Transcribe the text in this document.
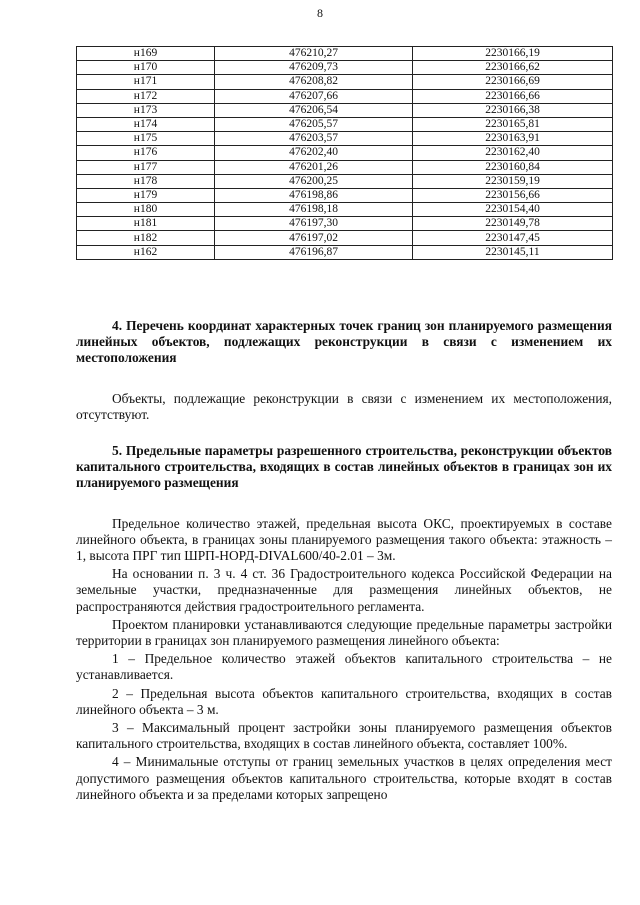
8
н169	476210,27	2230166,19
н170	476209,73	2230166,62
н171	476208,82	2230166,69
н172	476207,66	2230166,66
н173	476206,54	2230166,38
н174	476205,57	2230165,81
н175	476203,57	2230163,91
н176	476202,40	2230162,40
н177	476201,26	2230160,84
н178	476200,25	2230159,19
н179	476198,86	2230156,66
н180	476198,18	2230154,40
н181	476197,30	2230149,78
н182	476197,02	2230147,45
н162	476196,87	2230145,11

4. Перечень координат характерных точек границ зон планируемого размещения линейных объектов, подлежащих реконструкции в связи с изменением их местоположения

Объекты, подлежащие реконструкции в связи с изменением их местоположения, отсутствуют.

5. Предельные параметры разрешенного строительства, реконструкции объектов капитального строительства, входящих в состав линейных объектов в границах зон их планируемого размещения

Предельное количество этажей, предельная высота ОКС, проектируемых в составе линейного объекта, в границах зоны планируемого размещения такого объекта: этажность – 1, высота ПРГ тип ШРП-НОРД-DIVAL600/40-2.01 – 3м.

На основании п. 3 ч. 4 ст. 36 Градостроительного кодекса Российской Федерации на земельные участки, предназначенные для размещения линейных объектов, не распространяются действия градостроительного регламента.

Проектом планировки устанавливаются следующие предельные параметры застройки территории в границах зон планируемого размещения линейного объекта:

1 – Предельное количество этажей объектов капитального строительства – не устанавливается.

2 – Предельная высота объектов капитального строительства, входящих в состав линейного объекта – 3 м.

3 – Максимальный процент застройки зоны планируемого размещения объектов капитального строительства, входящих в состав линейного объекта, составляет 100%.

4 – Минимальные отступы от границ земельных участков в целях определения мест допустимого размещения объектов капитального строительства, которые входят в состав линейного объекта и за пределами которых запрещено
